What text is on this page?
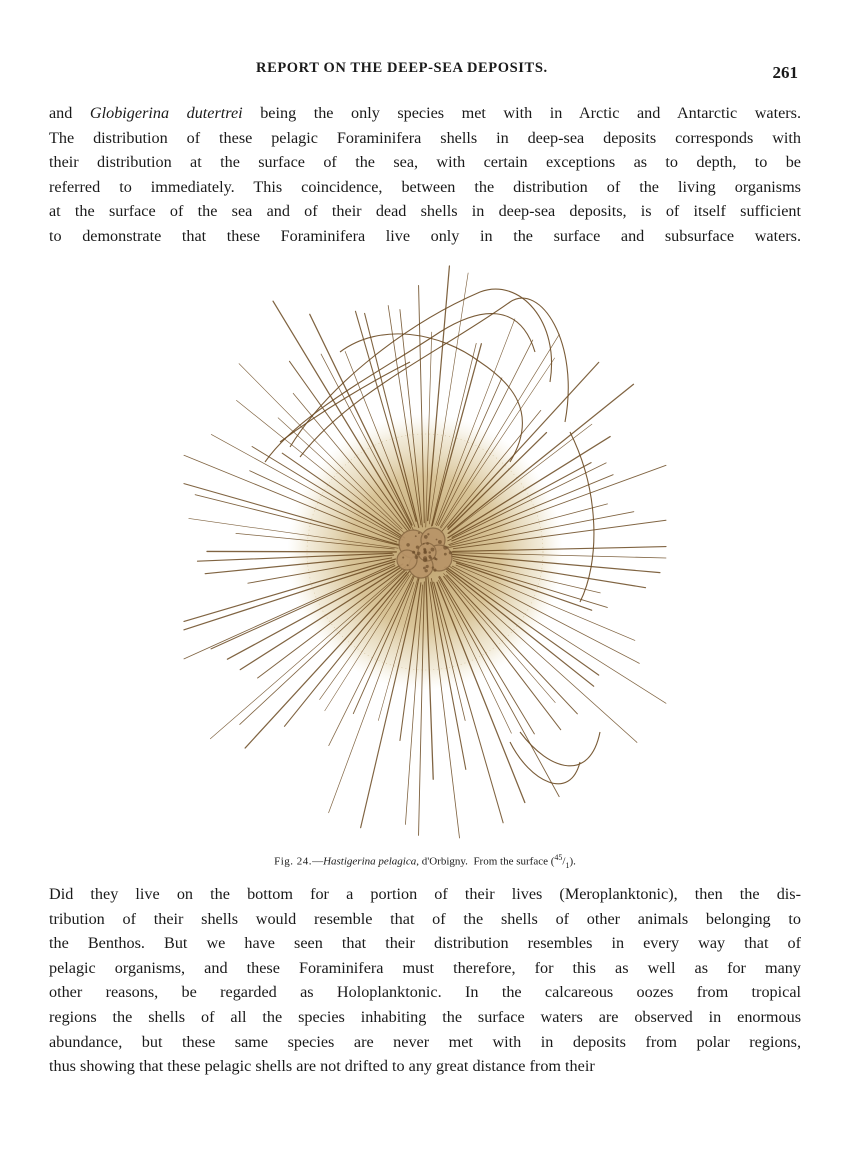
REPORT ON THE DEEP-SEA DEPOSITS.	261
and Globigerina dutertrei being the only species met with in Arctic and Antarctic waters.
The distribution of these pelagic Foraminifera shells in deep-sea deposits corresponds with
their distribution at the surface of the sea, with certain exceptions as to depth, to be
referred to immediately. This coincidence, between the distribution of the living organisms
at the surface of the sea and of their dead shells in deep-sea deposits, is of itself sufficient
to demonstrate that these Foraminifera live only in the surface and subsurface waters.
Fig. 24.—Hastigerina pelagica, d'Orbigny. From the surface $(^{45}/_1)$.
Did they live on the bottom for a portion of their lives (Meroplanktonic), then the dis-
tribution of their shells would resemble that of the shells of other animals belonging to
the Benthos. But we have seen that their distribution resembles in every way that of
pelagic organisms, and these Foraminifera must therefore, for this as well as for many
other reasons, be regarded as Holoplanktonic. In the calcareous oozes from tropical
regions the shells of all the species inhabiting the surface waters are observed in enormous
abundance, but these same species are never met with in deposits from polar regions,
thus showing that these pelagic shells are not drifted to any great distance from their
